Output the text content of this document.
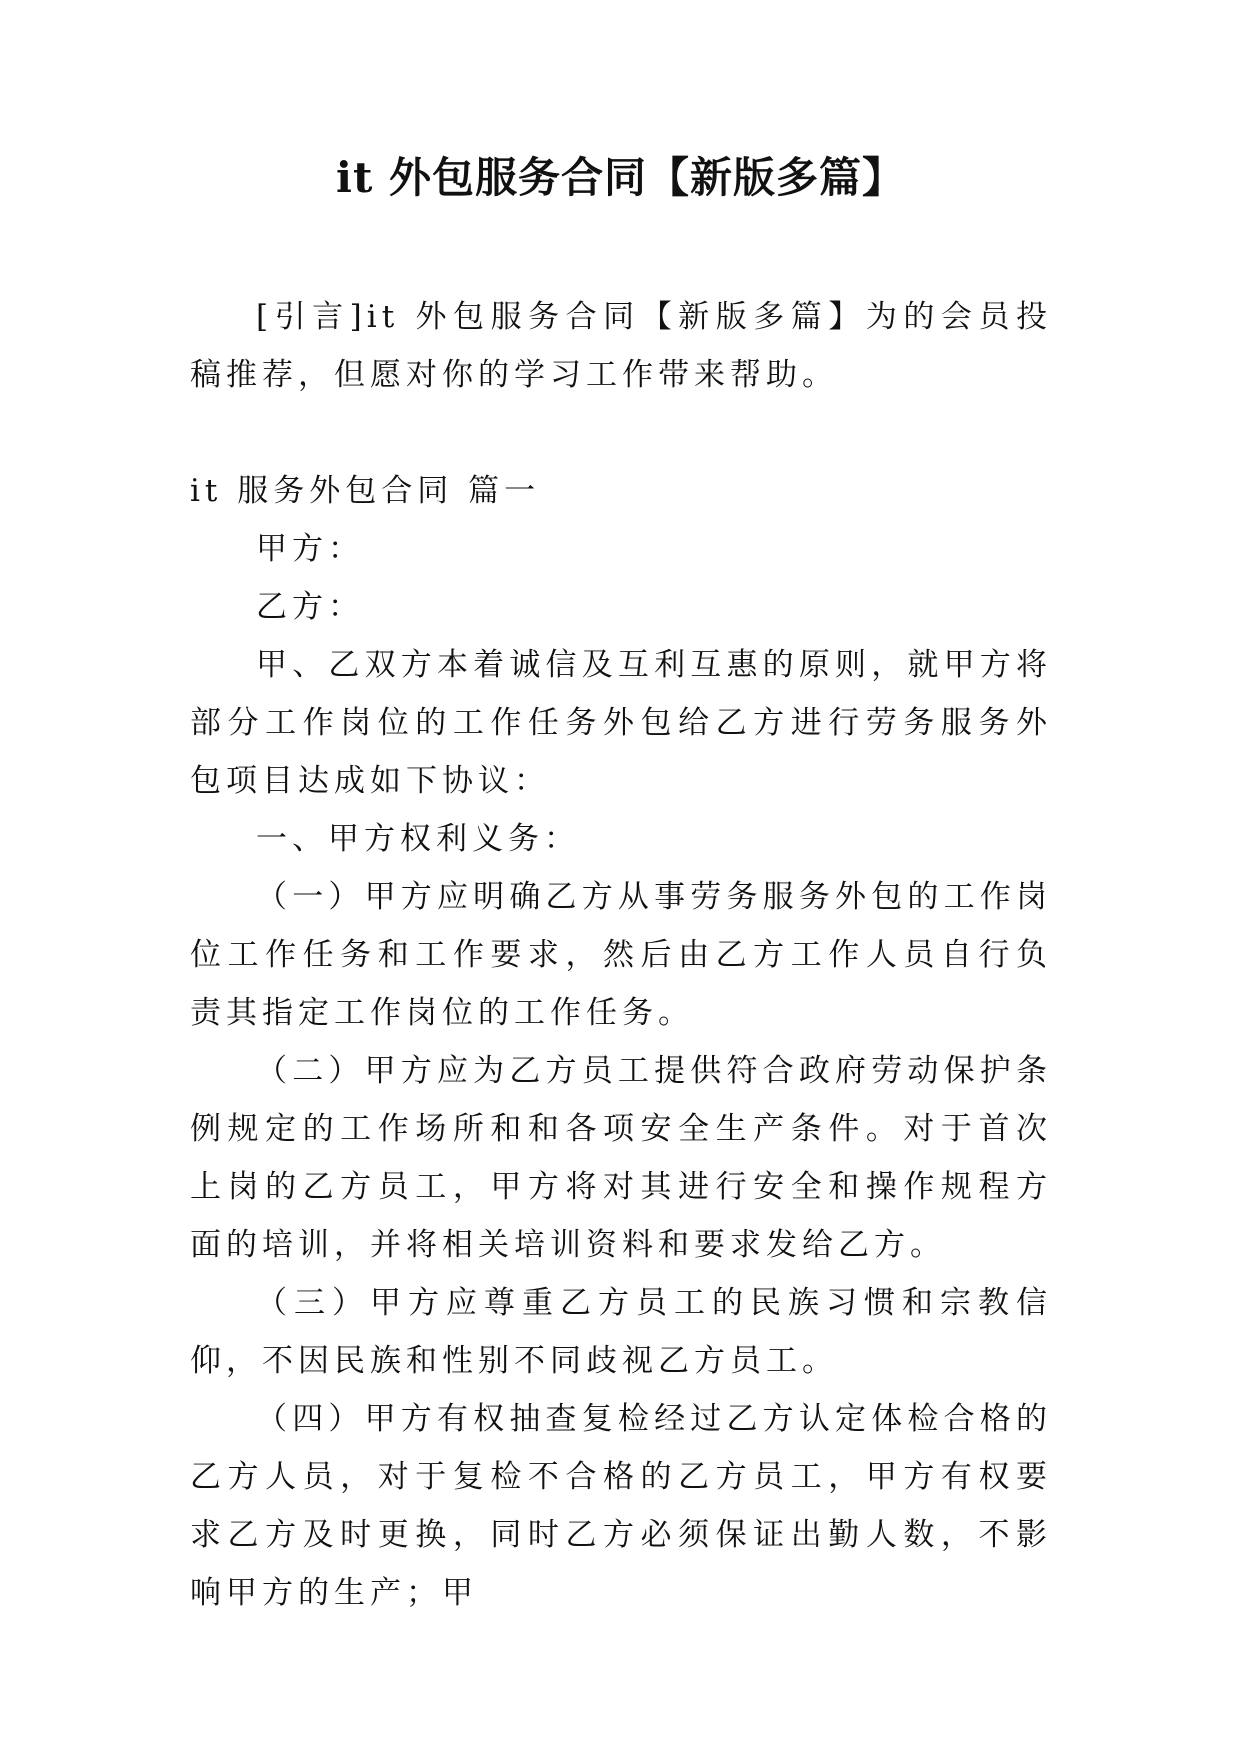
it 外包服务合同【新版多篇】

[引言]it 外包服务合同【新版多篇】为的会员投稿推荐，但愿对你的学习工作带来帮助。

it 服务外包合同 篇一

甲方：

乙方：

甲、乙双方本着诚信及互利互惠的原则，就甲方将部分工作岗位的工作任务外包给乙方进行劳务服务外包项目达成如下协议：

一、甲方权利义务：

（一）甲方应明确乙方从事劳务服务外包的工作岗位工作任务和工作要求，然后由乙方工作人员自行负责其指定工作岗位的工作任务。

（二）甲方应为乙方员工提供符合政府劳动保护条例规定的工作场所和和各项安全生产条件。对于首次上岗的乙方员工，甲方将对其进行安全和操作规程方面的培训，并将相关培训资料和要求发给乙方。

（三）甲方应尊重乙方员工的民族习惯和宗教信仰，不因民族和性别不同歧视乙方员工。

（四）甲方有权抽查复检经过乙方认定体检合格的乙方人员，对于复检不合格的乙方员工，甲方有权要求乙方及时更换，同时乙方必须保证出勤人数，不影响甲方的生产；甲
